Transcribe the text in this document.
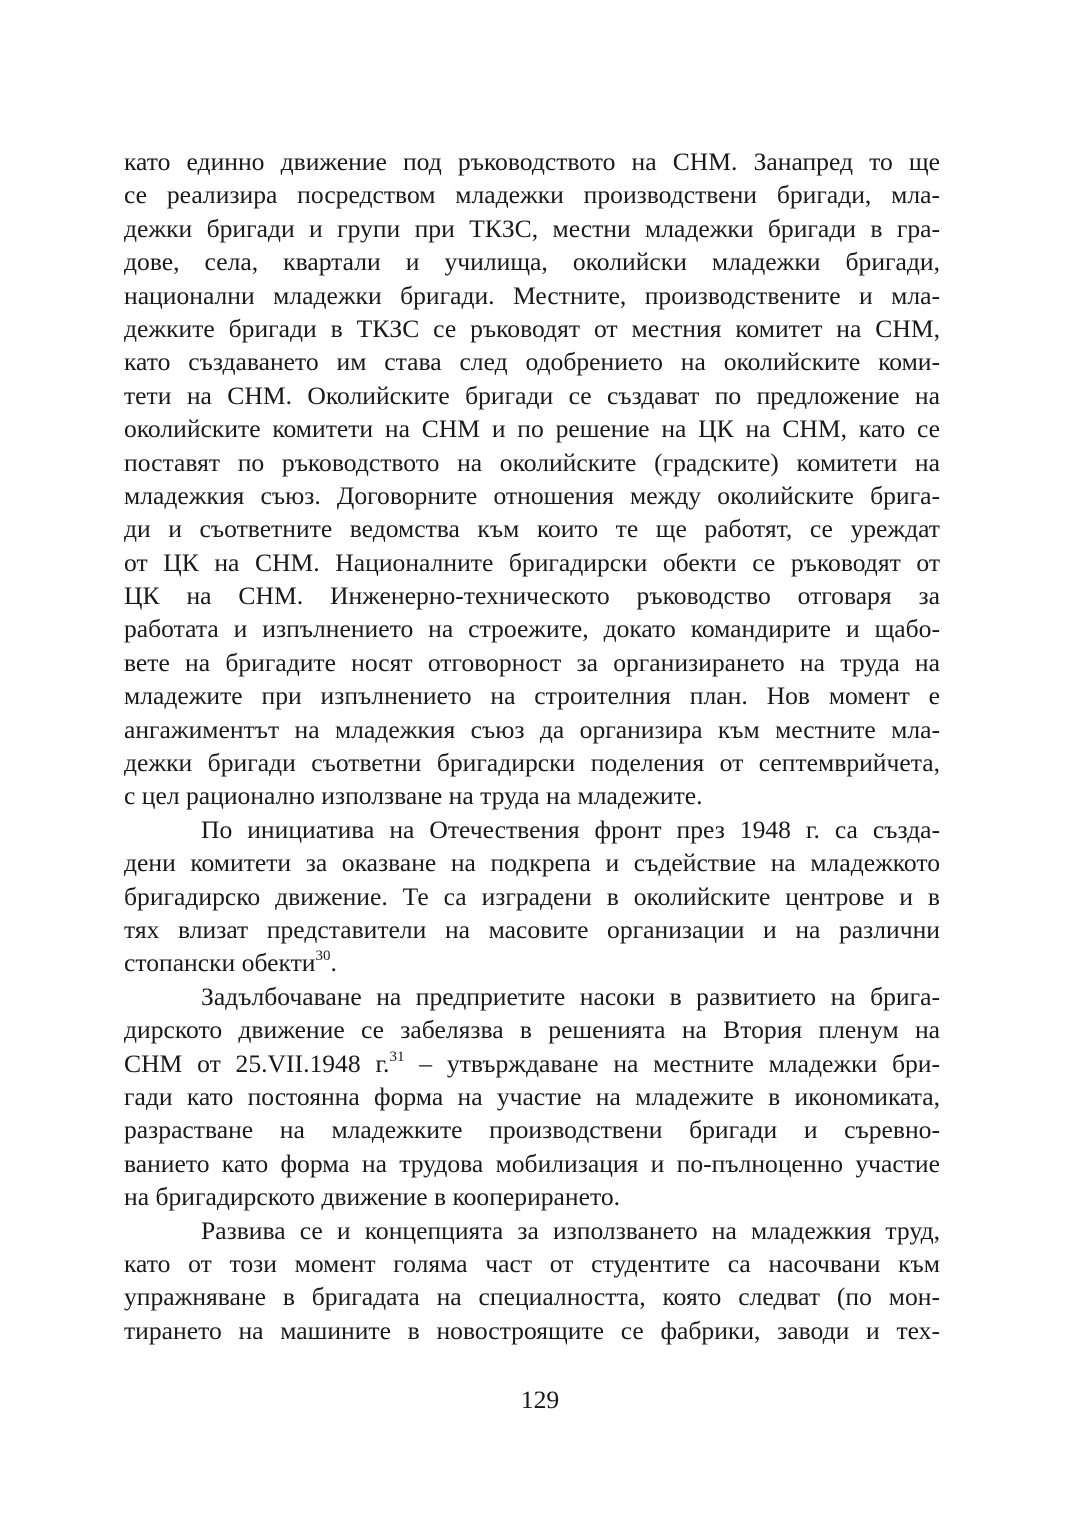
като единно движение под ръководството на СНМ. Занапред то ще
се реализира посредством младежки производствени бригади, мла-
дежки бригади и групи при ТКЗС, местни младежки бригади в гра-
дове, села, квартали и училища, околийски младежки бригади,
национални младежки бригади. Местните, производствените и мла-
дежките бригади в ТКЗС се ръководят от местния комитет на СНМ,
като създаването им става след одобрението на околийските коми-
тети на СНМ. Околийските бригади се създават по предложение на
околийските комитети на СНМ и по решение на ЦК на СНМ, като се
поставят по ръководството на околийските (градските) комитети на
младежкия съюз. Договорните отношения между околийските брига-
ди и съответните ведомства към които те ще работят, се уреждат
от ЦК на СНМ. Националните бригадирски обекти се ръководят от
ЦК на СНМ. Инженерно-техническото ръководство отговаря за
работата и изпълнението на строежите, докато командирите и щабо-
вете на бригадите носят отговорност за организирането на труда на
младежите при изпълнението на строителния план. Нов момент е
ангажиментът на младежкия съюз да организира към местните мла-
дежки бригади съответни бригадирски поделения от септемврийчета,
с цел рационално използване на труда на младежите.
По инициатива на Отечествения фронт през 1948 г. са създа-
дени комитети за оказване на подкрепа и съдействие на младежкото
бригадирско движение. Те са изградени в околийските центрове и в
тях влизат представители на масовите организации и на различни
стопански обекти$^{30}$.
Задълбочаване на предприетите насоки в развитието на брига-
дирското движение се забелязва в решенията на Втория пленум на
СНМ от 25.VII.1948 г.$^{31}$ – утвърждаване на местните младежки бри-
гади като постоянна форма на участие на младежите в икономиката,
разрастване на младежките производствени бригади и съревно-
ванието като форма на трудова мобилизация и по-пълноценно участие
на бригадирското движение в коопериранeто.
Развива се и концепцията за използването на младежкия труд,
като от този момент голяма част от студентите са насочвани към
упражняване в бригадата на специалността, която следват (по мон-
тирането на машините в новостроящите се фабрики, заводи и тех-
129
